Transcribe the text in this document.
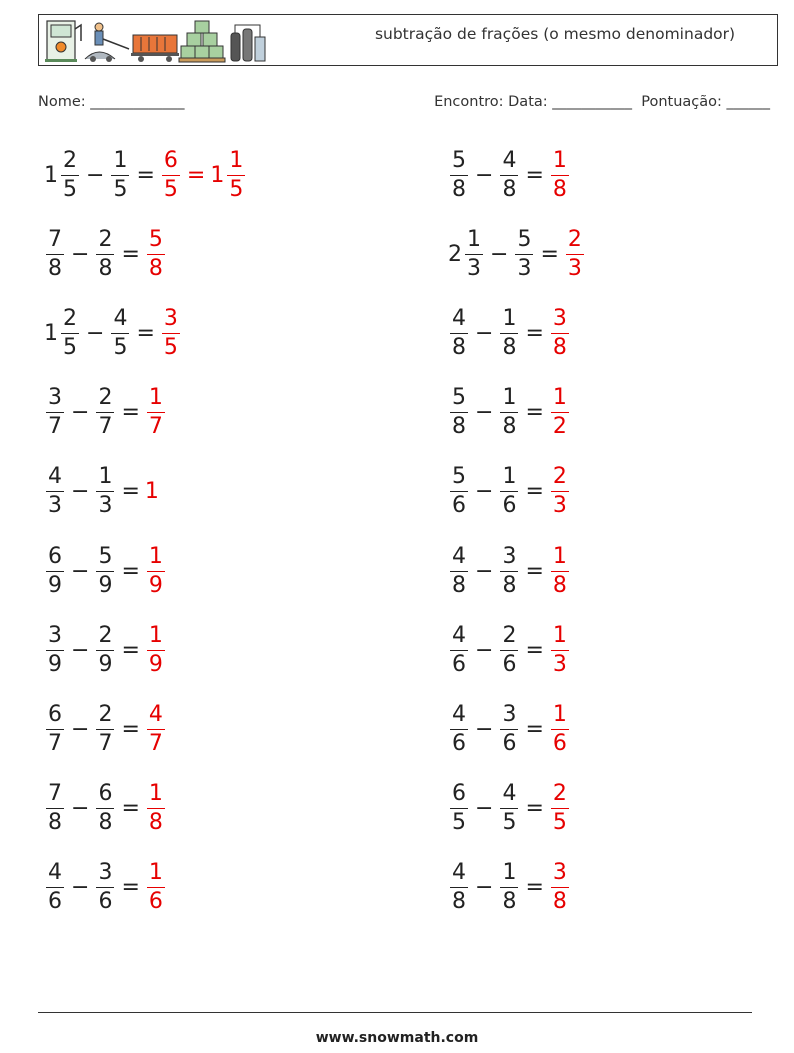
subtração de frações (o mesmo denominador)
Nome: _____________	Encontro: Data: ___________  Pontuação: ______
$1 \frac{2}{5} - \frac{1}{5} = \frac{6}{5} = 1 \frac{1}{5}$	$\frac{5}{8} - \frac{4}{8} = \frac{1}{8}$
$\frac{7}{8} - \frac{2}{8} = \frac{5}{8}$	$2 \frac{1}{3} - \frac{5}{3} = \frac{2}{3}$
$1 \frac{2}{5} - \frac{4}{5} = \frac{3}{5}$	$\frac{4}{8} - \frac{1}{8} = \frac{3}{8}$
$\frac{3}{7} - \frac{2}{7} = \frac{1}{7}$	$\frac{5}{8} - \frac{1}{8} = \frac{1}{2}$
$\frac{4}{3} - \frac{1}{3} = 1$	$\frac{5}{6} - \frac{1}{6} = \frac{2}{3}$
$\frac{6}{9} - \frac{5}{9} = \frac{1}{9}$	$\frac{4}{8} - \frac{3}{8} = \frac{1}{8}$
$\frac{3}{9} - \frac{2}{9} = \frac{1}{9}$	$\frac{4}{6} - \frac{2}{6} = \frac{1}{3}$
$\frac{6}{7} - \frac{2}{7} = \frac{4}{7}$	$\frac{4}{6} - \frac{3}{6} = \frac{1}{6}$
$\frac{7}{8} - \frac{6}{8} = \frac{1}{8}$	$\frac{6}{5} - \frac{4}{5} = \frac{2}{5}$
$\frac{4}{6} - \frac{3}{6} = \frac{1}{6}$	$\frac{4}{8} - \frac{1}{8} = \frac{3}{8}$
www.snowmath.com
